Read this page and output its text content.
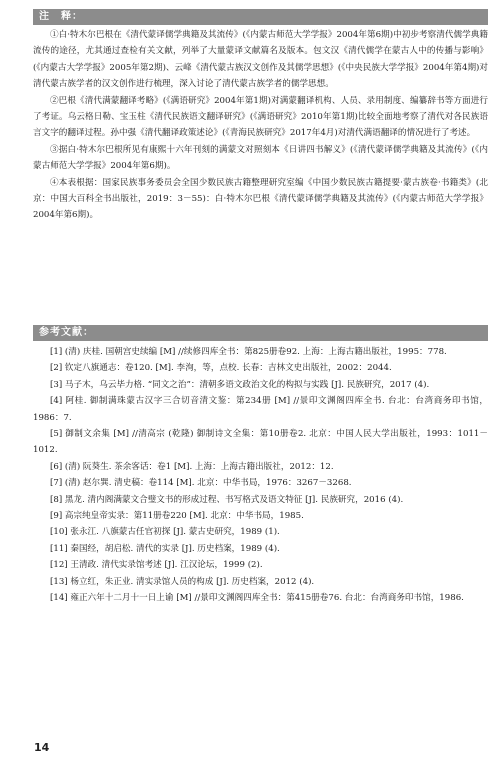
注　释：

①白·特木尔巴根在《清代蒙译儒学典籍及其流传》(《内蒙古师范大学学报》2004年第6期)中初步考察清代儒学典籍流传的途径，尤其通过查检有关文献，列举了大量蒙译文献篇名及版本。包文汉《清代儒学在蒙古人中的传播与影响》(《内蒙古大学学报》2005年第2期)、云峰《清代蒙古族汉文创作及其儒学思想》(《中央民族大学学报》2004年第4期)对清代蒙古族学者的汉文创作进行梳理，深入讨论了清代蒙古族学者的儒学思想。

②巴根《清代满蒙翻译考略》(《满语研究》2004年第1期)对满蒙翻译机构、人员、录用制度、编纂辞书等方面进行了考证。乌云格日勒、宝玉柱《清代民族语文翻译研究》(《满语研究》2010年第1期)比较全面地考察了清代对各民族语言文字的翻译过程。孙中强《清代翻译政策述论》(《青海民族研究》2017年4月)对清代满语翻译的情况进行了考述。

③据白·特木尔巴根所见有康熙十六年刊刻的满蒙文对照刻本《日讲四书解义》(《清代蒙译儒学典籍及其流传》(《内蒙古师范大学学报》2004年第6期)。

④本表根据：国家民族事务委员会全国少数民族古籍整理研究室编《中国少数民族古籍提要·蒙古族卷·书籍类》(北京：中国大百科全书出版社，2019：3－55)：白·特木尔巴根《清代蒙译儒学典籍及其流传》(《内蒙古师范大学学报》2004年第6期)。

参考文献：

[1] (清) 庆桂. 国朝宫史续编 [M] //续修四库全书：第825册卷92. 上海：上海古籍出版社，1995：778.

[2] 钦定八旗通志：卷120. [M]. 李洵，等，点校. 长春：吉林文史出版社，2002：2044.

[3] 马子木，乌云毕力格. “同文之治”：清朝多语文政治文化的构拟与实践 [J]. 民族研究，2017 (4).

[4] 阿桂. 御制满珠蒙古汉字三合切音清文鉴：第234册 [M] //景印文渊阁四库全书. 台北：台湾商务印书馆，1986：7.

[5] 御制文余集 [M] //清高宗 (乾隆) 御制诗文全集：第10册卷2. 北京：中国人民大学出版社，1993：1011－1012.

[6] (清) 阮葵生. 茶余客话：卷1 [M]. 上海：上海古籍出版社，2012：12.

[7] (清) 赵尔巽. 清史稿：卷114 [M]. 北京：中华书局，1976：3267－3268.

[8] 黑龙. 清内阁满蒙文合璧文书的形成过程、书写格式及语文特征 [J]. 民族研究，2016 (4).

[9] 高宗纯皇帝实录：第11册卷220 [M]. 北京：中华书局，1985.

[10] 张永江. 八旗蒙古任官初探 [J]. 蒙古史研究，1989 (1).

[11] 秦国经，胡启松. 清代的实录 [J]. 历史档案，1989 (4).

[12] 王清政. 清代实录馆考述 [J]. 江汉论坛，1999 (2).

[13] 杨立红，朱正业. 清实录馆人员的构成 [J]. 历史档案，2012 (4).

[14] 雍正六年十二月十一日上谕 [M] //景印文渊阁四库全书：第415册卷76. 台北：台湾商务印书馆，1986.

14
